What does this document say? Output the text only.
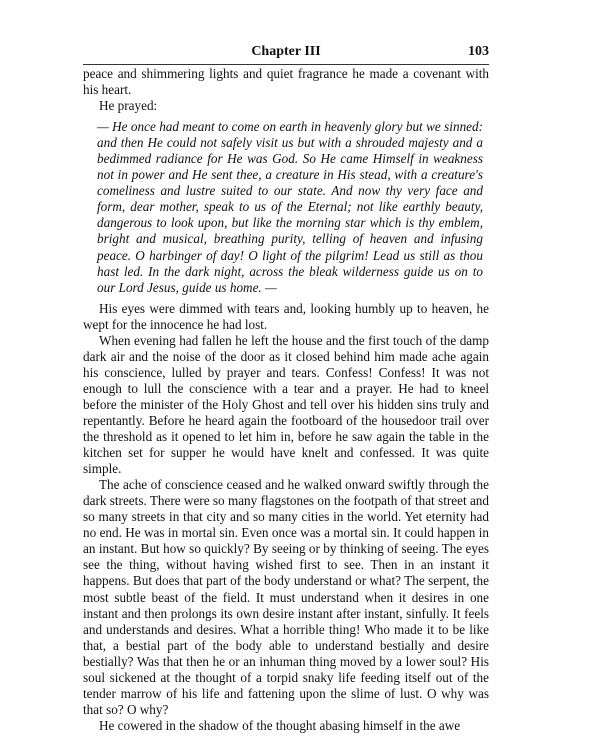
Chapter III	103

peace and shimmering lights and quiet fragrance he made a covenant with his heart.

He prayed:

— He once had meant to come on earth in heavenly glory but we sinned: and then He could not safely visit us but with a shrouded majesty and a bedimmed radiance for He was God. So He came Himself in weakness not in power and He sent thee, a creature in His stead, with a creature's comeliness and lustre suited to our state. And now thy very face and form, dear mother, speak to us of the Eternal; not like earthly beauty, dangerous to look upon, but like the morning star which is thy emblem, bright and musical, breathing purity, telling of heaven and infusing peace. O harbinger of day! O light of the pilgrim! Lead us still as thou hast led. In the dark night, across the bleak wilderness guide us on to our Lord Jesus, guide us home. —

His eyes were dimmed with tears and, looking humbly up to heaven, he wept for the innocence he had lost.

When evening had fallen he left the house and the first touch of the damp dark air and the noise of the door as it closed behind him made ache again his conscience, lulled by prayer and tears. Confess! Confess! It was not enough to lull the conscience with a tear and a prayer. He had to kneel before the minister of the Holy Ghost and tell over his hidden sins truly and repentantly. Before he heard again the footboard of the housedoor trail over the threshold as it opened to let him in, before he saw again the table in the kitchen set for supper he would have knelt and confessed. It was quite simple.

The ache of conscience ceased and he walked onward swiftly through the dark streets. There were so many flagstones on the footpath of that street and so many streets in that city and so many cities in the world. Yet eternity had no end. He was in mortal sin. Even once was a mortal sin. It could happen in an instant. But how so quickly? By seeing or by thinking of seeing. The eyes see the thing, without having wished first to see. Then in an instant it happens. But does that part of the body understand or what? The serpent, the most subtle beast of the field. It must understand when it desires in one instant and then prolongs its own desire instant after instant, sinfully. It feels and understands and desires. What a horrible thing! Who made it to be like that, a bestial part of the body able to understand bestially and desire bestially? Was that then he or an inhuman thing moved by a lower soul? His soul sickened at the thought of a torpid snaky life feeding itself out of the tender marrow of his life and fattening upon the slime of lust. O why was that so? O why?

He cowered in the shadow of the thought abasing himself in the awe
